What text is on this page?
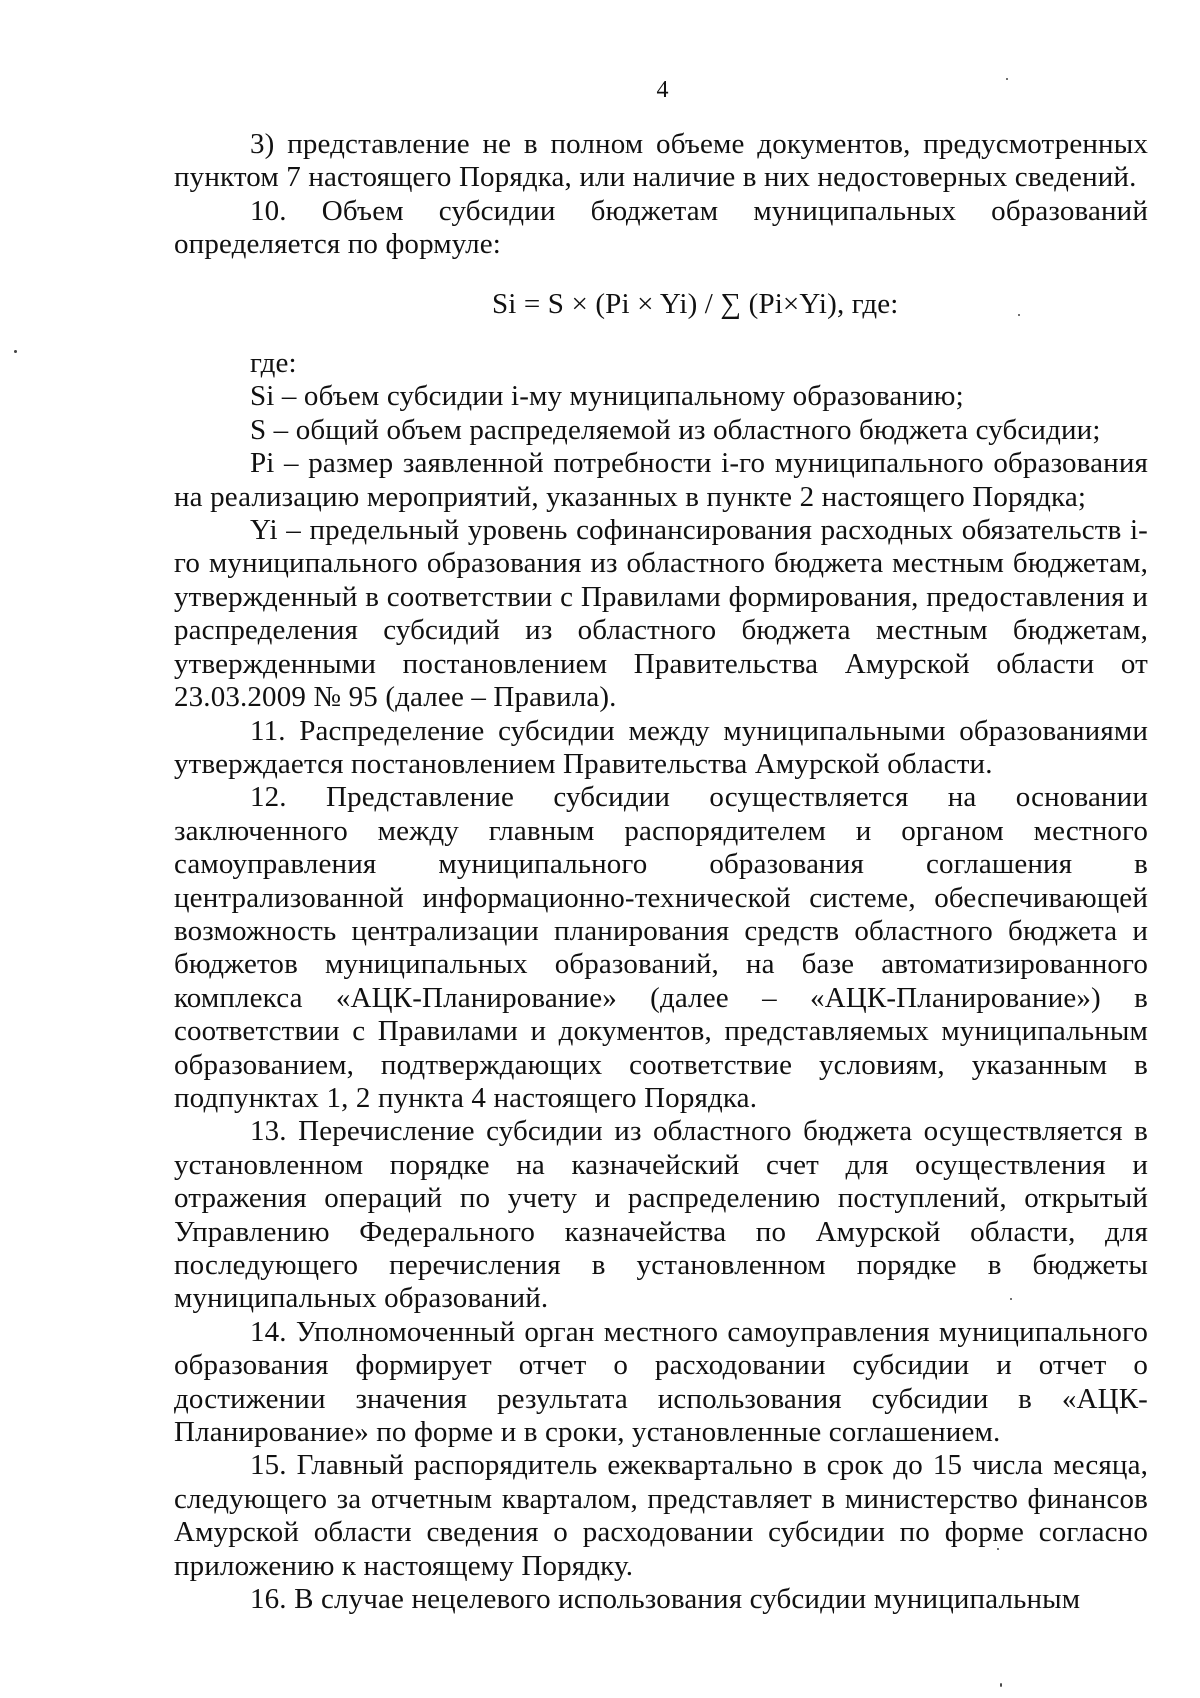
4

3) представление не в полном объеме документов, предусмотренных пунктом 7 настоящего Порядка, или наличие в них недостоверных сведений.

10. Объем субсидии бюджетам муниципальных образований определяется по формуле:

Si = S × (Pi × Yi) / ∑ (Pi×Yi), где:

где:

Si – объем субсидии i-му муниципальному образованию;

S – общий объем распределяемой из областного бюджета субсидии;

Pi – размер заявленной потребности i-го муниципального образования на реализацию мероприятий, указанных в пункте 2 настоящего Порядка;

Yi – предельный уровень софинансирования расходных обязательств i-го муниципального образования из областного бюджета местным бюджетам, утвержденный в соответствии с Правилами формирования, предоставления и распределения субсидий из областного бюджета местным бюджетам, утвержденными постановлением Правительства Амурской области от 23.03.2009 № 95 (далее – Правила).

11. Распределение субсидии между муниципальными образованиями утверждается постановлением Правительства Амурской области.

12. Представление субсидии осуществляется на основании заключенного между главным распорядителем и органом местного самоуправления муниципального образования соглашения в централизованной информационно-технической системе, обеспечивающей возможность централизации планирования средств областного бюджета и бюджетов муниципальных образований, на базе автоматизированного комплекса «АЦК-Планирование» (далее – «АЦК-Планирование») в соответствии с Правилами и документов, представляемых муниципальным образованием, подтверждающих соответствие условиям, указанным в подпунктах 1, 2 пункта 4 настоящего Порядка.

13. Перечисление субсидии из областного бюджета осуществляется в установленном порядке на казначейский счет для осуществления и отражения операций по учету и распределению поступлений, открытый Управлению Федерального казначейства по Амурской области, для последующего перечисления в установленном порядке в бюджеты муниципальных образований.

14. Уполномоченный орган местного самоуправления муниципального образования формирует отчет о расходовании субсидии и отчет о достижении значения результата использования субсидии в «АЦК-Планирование» по форме и в сроки, установленные соглашением.

15. Главный распорядитель ежеквартально в срок до 15 числа месяца, следующего за отчетным кварталом, представляет в министерство финансов Амурской области сведения о расходовании субсидии по форме согласно приложению к настоящему Порядку.

16. В случае нецелевого использования субсидии муниципальным
